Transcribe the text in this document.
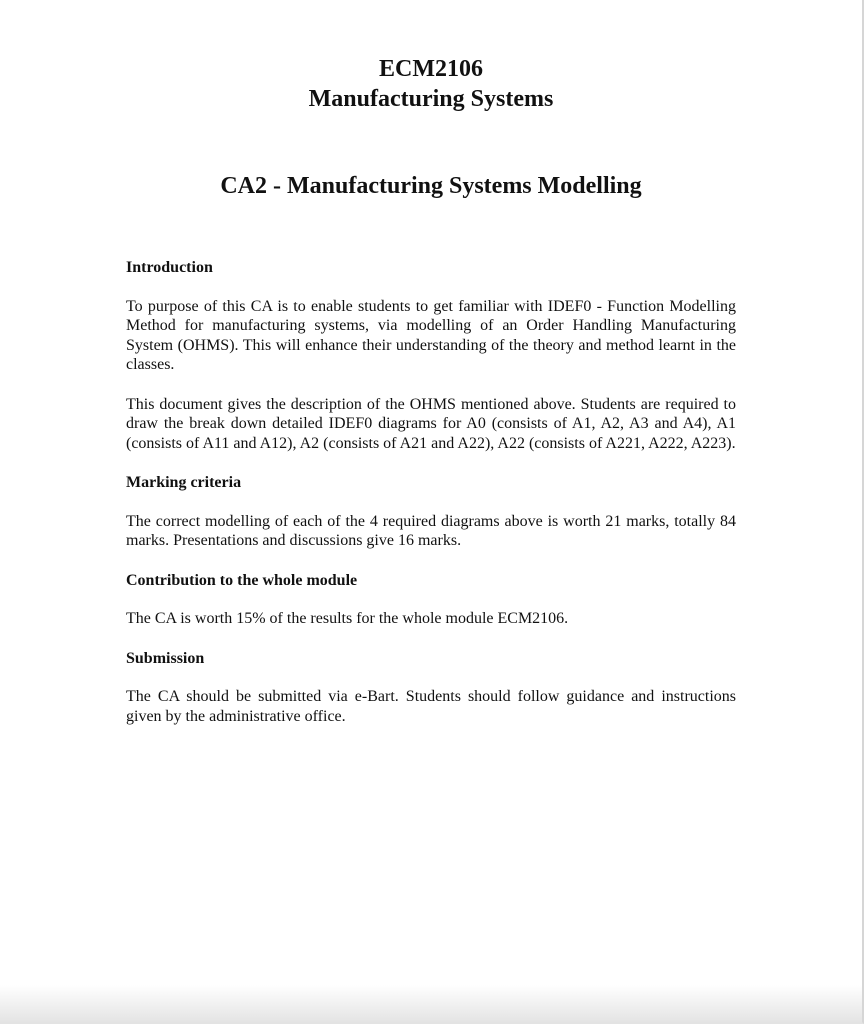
ECM2106
Manufacturing Systems
CA2 - Manufacturing Systems Modelling

Introduction

To purpose of this CA is to enable students to get familiar with IDEF0 - Function Modelling Method for manufacturing systems, via modelling of an Order Handling Manufacturing System (OHMS). This will enhance their understanding of the theory and method learnt in the classes.

This document gives the description of the OHMS mentioned above. Students are required to draw the break down detailed IDEF0 diagrams for A0 (consists of A1, A2, A3 and A4), A1 (consists of A11 and A12), A2 (consists of A21 and A22), A22 (consists of A221, A222, A223).

Marking criteria

The correct modelling of each of the 4 required diagrams above is worth 21 marks, totally 84 marks. Presentations and discussions give 16 marks.

Contribution to the whole module

The CA is worth 15% of the results for the whole module ECM2106.

Submission

The CA should be submitted via e-Bart. Students should follow guidance and instructions given by the administrative office.
